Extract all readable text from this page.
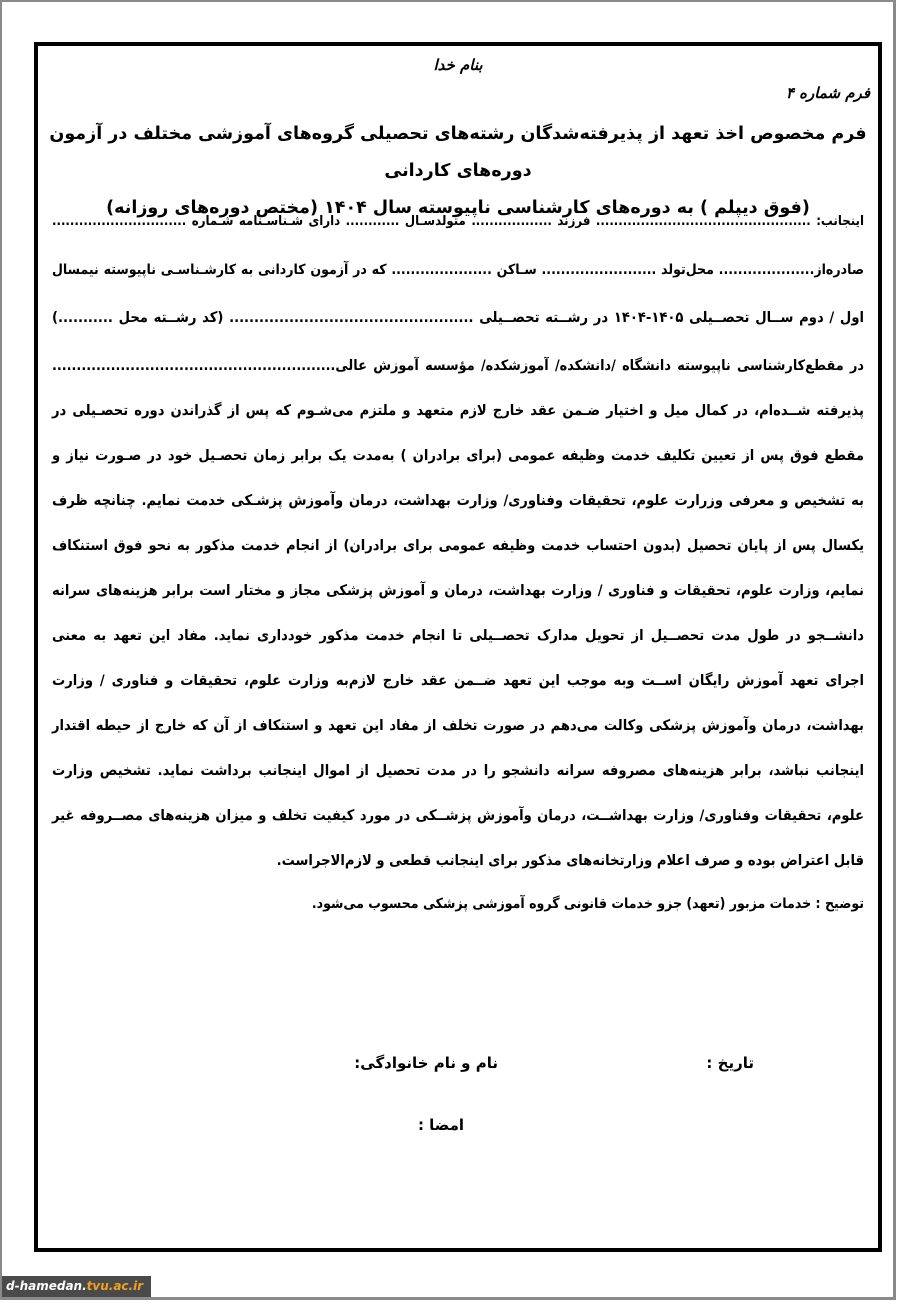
بنام خدا
فرم شماره ۴
فرم مخصوص اخذ تعهد از پذیرفته‌شدگان رشته‌های تحصیلی گروه‌های آموزشی مختلف در آزمون دوره‌های کاردانی
(فوق دیپلم ) به دوره‌های کارشناسی ناپیوسته سال ۱۴۰۴ (مختص دوره‌های روزانه)
اینجانب: ................................................ فرزند .................. متولدسـال ............ دارای شـناسـنامه شـماره ..............................
صادره‌از.................... محل‌تولد ........................ سـاکن ..................... که در آزمون کاردانی به کارشـناسـی ناپیوسته نیمسال
اول / دوم ســال تحصــیلی ۱۴۰۵-۱۴۰۴ در رشــته تحصــیلی ................................................. (کد رشــته محل ...........)
در مقطع‌کارشناسی ناپیوسته دانشگاه /دانشکده/ آموزشکده/ مؤسسه آموزش عالی..........................................................
پذیرفته شــده‌ام، در کمال میل و اختیار ضـمن عقد خارج لازم متعهد و ملتزم می‌شـوم که پس از گذراندن دوره تحصـیلی در
مقطع فوق پس از تعیین تکلیف خدمت وظیفه عمومی (برای برادران ) به‌مدت یک برابر زمان تحصـیل خود در صـورت نیاز و
به تشخیص و معرفی وزرارت علوم، تحقیقات وفناوری/ وزارت بهداشت، درمان وآموزش پزشـکی خدمت نمایم. چنانچه ظرف
یکسال پس از پایان تحصیل (بدون احتساب خدمت وظیفه عمومی برای برادران) از انجام خدمت مذکور به نحو فوق استنکاف
نمایم، وزارت علوم، تحقیقات و فناوری / وزارت بهداشت، درمان و آموزش پزشکی مجاز و مختار است برابر هزینه‌های سرانه
دانشــجو در طول مدت تحصــیل از تحویل مدارک تحصــیلی تا انجام خدمت مذکور خودداری نماید. مفاد این تعهد به معنی
اجرای تعهد آموزش رایگان اســت وبه موجب این تعهد ضــمن عقد خارج لازم‌به وزارت علوم، تحقیقات و فناوری / وزارت
بهداشت، درمان وآموزش پزشکی وکالت می‌دهم در صورت تخلف از مفاد این تعهد و استنکاف از آن که خارج از حیطه اقتدار
اینجانب نباشد، برابر هزینه‌های مصروفه سرانه دانشجو را در مدت تحصیل از اموال اینجانب برداشت نماید. تشخیص وزارت
علوم، تحقیقات وفناوری/ وزارت بهداشــت، درمان وآموزش پزشــکی در مورد کیفیت تخلف و میزان هزینه‌های مصــروفه غیر
قابل اعتراض بوده و صرف اعلام وزارتخانه‌های مذکور برای اینجانب قطعی و لازم‌الاجراست.
توضیح : خدمات مزبور (تعهد) جزو خدمات قانونی گروه آموزشی پزشکی محسوب می‌شود.
تاریخ :
نام و نام خانوادگی:
امضا :
d-hamedan.tvu.ac.ir
